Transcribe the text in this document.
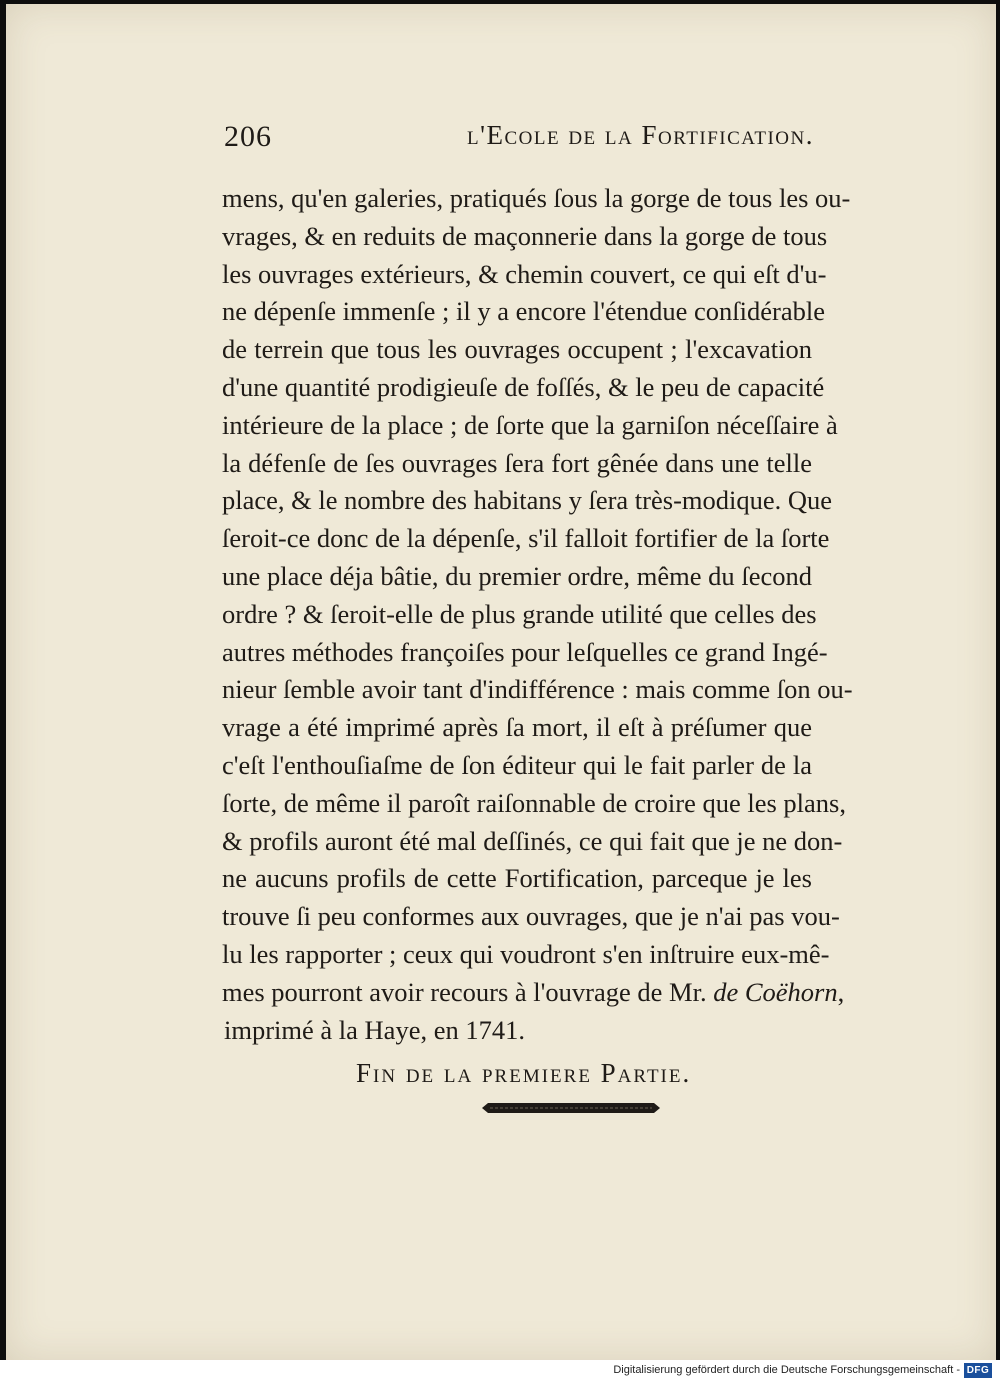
206	l'Ecole de la Fortification.
mens, qu'en galeries, pratiqués ſous la gorge de tous les ou-
vrages, & en reduits de maçonnerie dans la gorge de tous
les ouvrages extérieurs, & chemin couvert, ce qui eſt d'u-
ne dépenſe immenſe ; il y a encore l'étendue conſidérable
de terrein que tous les ouvrages occupent ; l'excavation
d'une quantité prodigieuſe de foſſés, & le peu de capacité
intérieure de la place ; de ſorte que la garniſon néceſſaire à
la défenſe de ſes ouvrages ſera fort gênée dans une telle
place, & le nombre des habitans y ſera très-modique. Que
ſeroit-ce donc de la dépenſe, s'il falloit fortifier de la ſorte
une place déja bâtie, du premier ordre, même du ſecond
ordre ? & ſeroit-elle de plus grande utilité que celles des
autres méthodes françoiſes pour leſquelles ce grand Ingé-
nieur ſemble avoir tant d'indifférence : mais comme ſon ou-
vrage a été imprimé après ſa mort, il eſt à préſumer que
c'eſt l'enthouſiaſme de ſon éditeur qui le fait parler de la
ſorte, de même il paroît raiſonnable de croire que les plans,
& profils auront été mal deſſinés, ce qui fait que je ne don-
ne aucuns profils de cette Fortification, parceque je les
trouve ſi peu conformes aux ouvrages, que je n'ai pas vou-
lu les rapporter ; ceux qui voudront s'en inſtruire eux-mê-
mes pourront avoir recours à l'ouvrage de Mr. de Coëhorn,
imprimé à la Haye, en 1741.
Fin de la premiere Partie.
Digitalisierung gefördert durch die Deutsche Forschungsgemeinschaft - DFG
